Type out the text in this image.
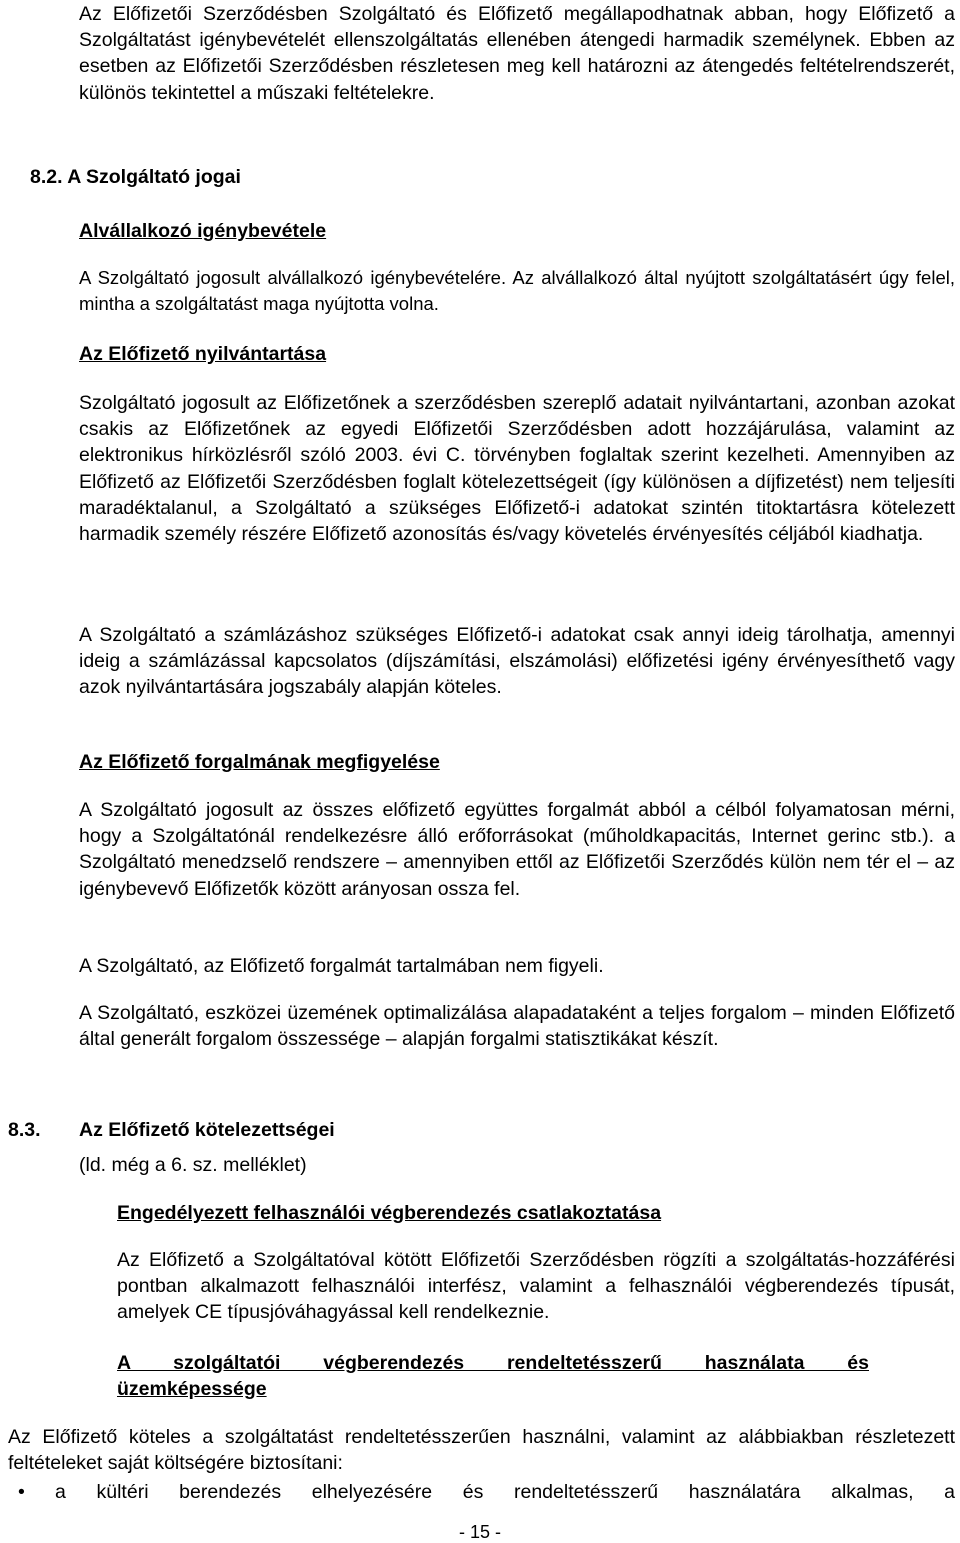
Az Előfizetői Szerződésben Szolgáltató és Előfizető megállapodhatnak abban, hogy Előfizető a Szolgáltatást igénybevételét ellenszolgáltatás ellenében átengedi harmadik személynek. Ebben az esetben az Előfizetői Szerződésben részletesen meg kell határozni az átengedés feltételrendszerét, különös tekintettel a műszaki feltételekre.

8.2. A Szolgáltató jogai
Alvállalkozó igénybevétele

A Szolgáltató jogosult alvállalkozó igénybevételére. Az alvállalkozó által nyújtott szolgáltatásért úgy felel, mintha a szolgáltatást maga nyújtotta volna.

Az Előfizető nyilvántartása

Szolgáltató jogosult az Előfizetőnek a szerződésben szereplő adatait nyilvántartani, azonban azokat csakis az Előfizetőnek az egyedi Előfizetői Szerződésben adott hozzájárulása, valamint az elektronikus hírközlésről szóló 2003. évi C. törvényben foglaltak szerint kezelheti. Amennyiben az Előfizető az Előfizetői Szerződésben foglalt kötelezettségeit (így különösen a díjfizetést) nem teljesíti maradéktalanul, a Szolgáltató a szükséges Előfizető-i adatokat szintén titoktartásra kötelezett harmadik személy részére Előfizető azonosítás és/vagy követelés érvényesítés céljából kiadhatja.

A Szolgáltató a számlázáshoz szükséges Előfizető-i adatokat csak annyi ideig tárolhatja, amennyi ideig a számlázással kapcsolatos (díjszámítási, elszámolási) előfizetési igény érvényesíthető vagy azok nyilvántartására jogszabály alapján köteles.

Az Előfizető forgalmának megfigyelése

A Szolgáltató jogosult az összes előfizető együttes forgalmát abból a célból folyamatosan mérni, hogy a Szolgáltatónál rendelkezésre álló erőforrásokat (műholdkapacitás, Internet gerinc stb.). a Szolgáltató menedzselő rendszere – amennyiben ettől az Előfizetői Szerződés külön nem tér el – az igénybevevő Előfizetők között arányosan ossza fel.

A Szolgáltató, az Előfizető forgalmát tartalmában nem figyeli.

A Szolgáltató, eszközei üzemének optimalizálása alapadataként a teljes forgalom – minden Előfizető által generált forgalom összessége – alapján forgalmi statisztikákat készít.

8.3. Az Előfizető kötelezettségei
(ld. még a 6. sz. melléklet)
Engedélyezett felhasználói végberendezés csatlakoztatása

Az Előfizető a Szolgáltatóval kötött Előfizetői Szerződésben rögzíti a szolgáltatás-hozzáférési pontban alkalmazott felhasználói interfész, valamint a felhasználói végberendezés típusát, amelyek CE típusjóváhagyással kell rendelkeznie.

A szolgáltatói végberendezés rendeltetésszerű használata és
üzemképessége

Az Előfizető köteles a szolgáltatást rendeltetésszerűen használni, valamint az alábbiakban részletezett feltételeket saját költségére biztosítani:

• a kültéri berendezés elhelyezésére és rendeltetésszerű használatára alkalmas, a
- 15 -
